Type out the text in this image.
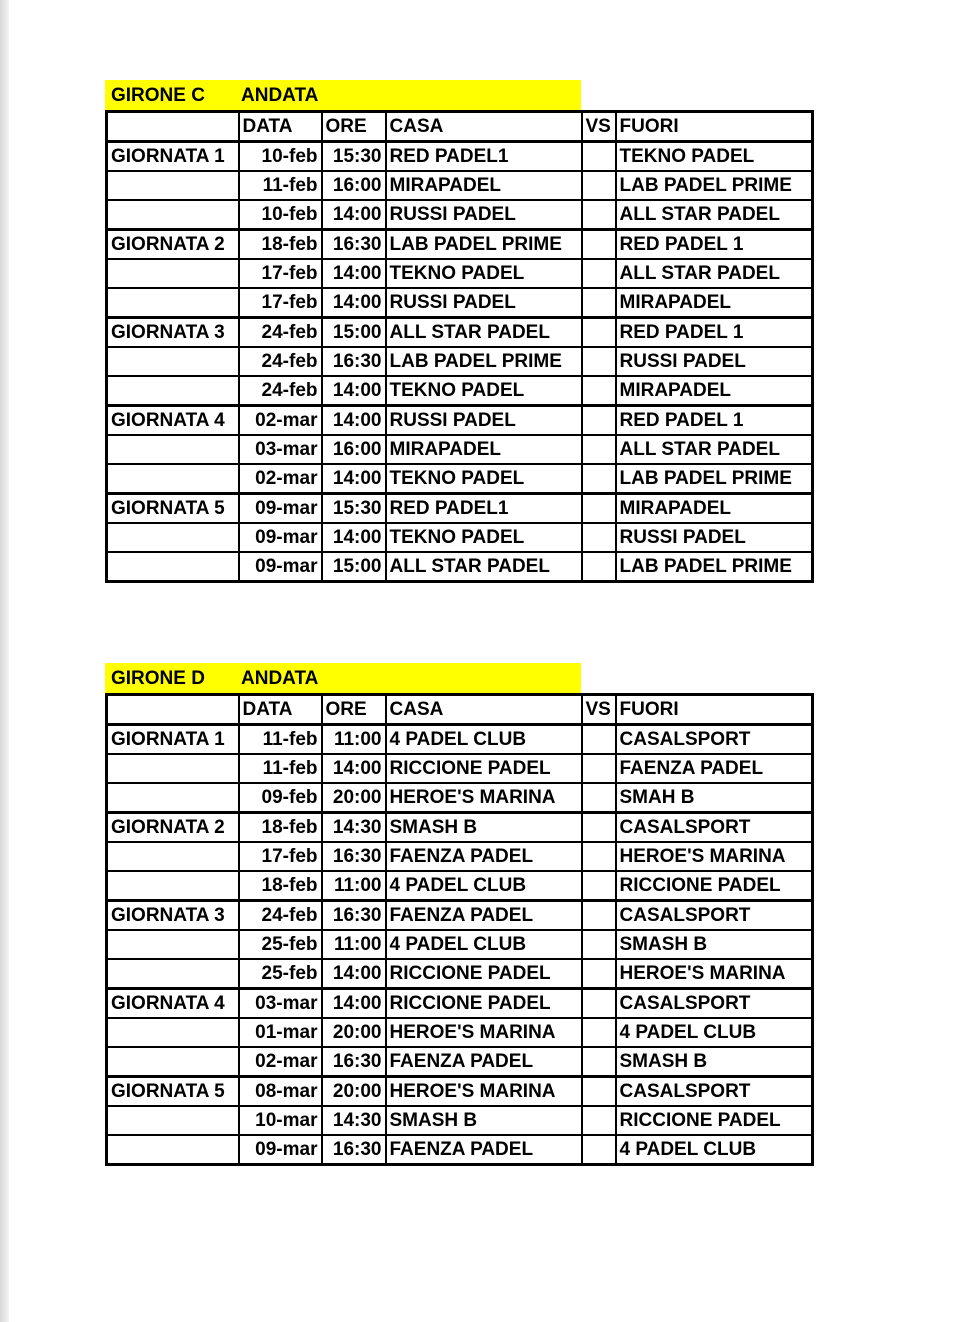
GIRONE C ANDATA
	DATA	ORE	CASA	VS	FUORI
GIORNATA 1	10-feb	15:30	RED PADEL1		TEKNO PADEL
	11-feb	16:00	MIRAPADEL		LAB PADEL PRIME
	10-feb	14:00	RUSSI PADEL		ALL STAR PADEL
GIORNATA 2	18-feb	16:30	LAB PADEL PRIME		RED PADEL 1
	17-feb	14:00	TEKNO PADEL		ALL STAR PADEL
	17-feb	14:00	RUSSI PADEL		MIRAPADEL
GIORNATA 3	24-feb	15:00	ALL STAR PADEL		RED PADEL 1
	24-feb	16:30	LAB PADEL PRIME		RUSSI PADEL
	24-feb	14:00	TEKNO PADEL		MIRAPADEL
GIORNATA 4	02-mar	14:00	RUSSI PADEL		RED PADEL 1
	03-mar	16:00	MIRAPADEL		ALL STAR PADEL
	02-mar	14:00	TEKNO PADEL		LAB PADEL PRIME
GIORNATA 5	09-mar	15:30	RED PADEL1		MIRAPADEL
	09-mar	14:00	TEKNO PADEL		RUSSI PADEL
	09-mar	15:00	ALL STAR PADEL		LAB PADEL PRIME
GIRONE D ANDATA
	DATA	ORE	CASA	VS	FUORI
GIORNATA 1	11-feb	11:00	4 PADEL CLUB		CASALSPORT
	11-feb	14:00	RICCIONE PADEL		FAENZA PADEL
	09-feb	20:00	HEROE'S MARINA		SMAH B
GIORNATA 2	18-feb	14:30	SMASH B		CASALSPORT
	17-feb	16:30	FAENZA PADEL		HEROE'S MARINA
	18-feb	11:00	4 PADEL CLUB		RICCIONE PADEL
GIORNATA 3	24-feb	16:30	FAENZA PADEL		CASALSPORT
	25-feb	11:00	4 PADEL CLUB		SMASH B
	25-feb	14:00	RICCIONE PADEL		HEROE'S MARINA
GIORNATA 4	03-mar	14:00	RICCIONE PADEL		CASALSPORT
	01-mar	20:00	HEROE'S MARINA		4 PADEL CLUB
	02-mar	16:30	FAENZA PADEL		SMASH B
GIORNATA 5	08-mar	20:00	HEROE'S MARINA		CASALSPORT
	10-mar	14:30	SMASH B		RICCIONE PADEL
	09-mar	16:30	FAENZA PADEL		4 PADEL CLUB
